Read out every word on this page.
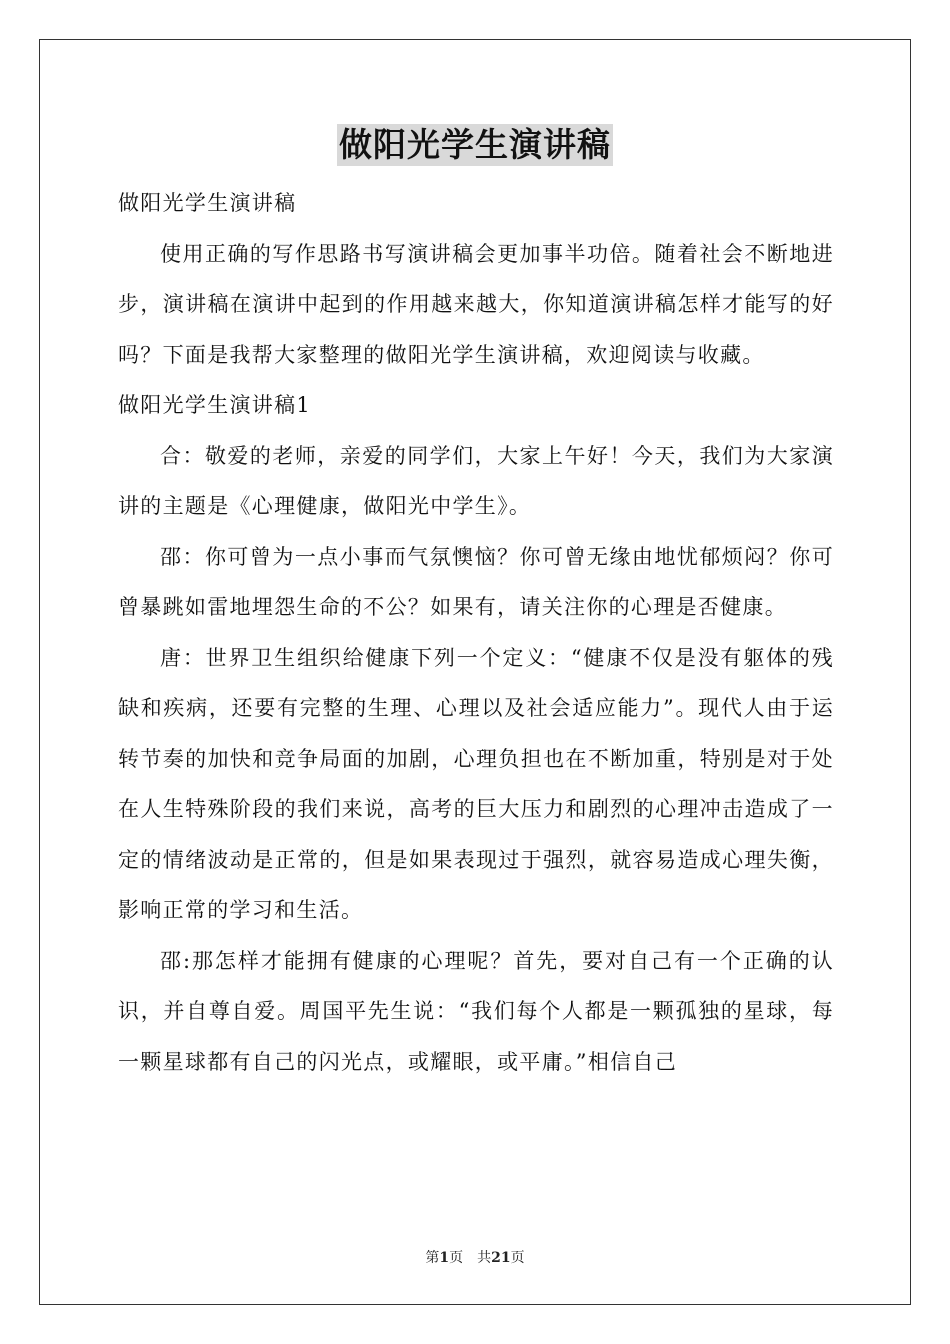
做阳光学生演讲稿

做阳光学生演讲稿

使用正确的写作思路书写演讲稿会更加事半功倍。随着社会不断地进步，演讲稿在演讲中起到的作用越来越大，你知道演讲稿怎样才能写的好吗？下面是我帮大家整理的做阳光学生演讲稿，欢迎阅读与收藏。

做阳光学生演讲稿1

合：敬爱的老师，亲爱的同学们，大家上午好！今天，我们为大家演讲的主题是《心理健康，做阳光中学生》。

邵：你可曾为一点小事而气氛懊恼？你可曾无缘由地忧郁烦闷？你可曾暴跳如雷地埋怨生命的不公？如果有，请关注你的心理是否健康。

唐：世界卫生组织给健康下列一个定义：“健康不仅是没有躯体的残缺和疾病，还要有完整的生理、心理以及社会适应能力”。现代人由于运转节奏的加快和竞争局面的加剧，心理负担也在不断加重，特别是对于处在人生特殊阶段的我们来说，高考的巨大压力和剧烈的心理冲击造成了一定的情绪波动是正常的，但是如果表现过于强烈，就容易造成心理失衡，影响正常的学习和生活。

邵:那怎样才能拥有健康的心理呢？首先，要对自己有一个正确的认识，并自尊自爱。周国平先生说：“我们每个人都是一颗孤独的星球，每一颗星球都有自己的闪光点，或耀眼，或平庸。”相信自己

第1页 共21页
